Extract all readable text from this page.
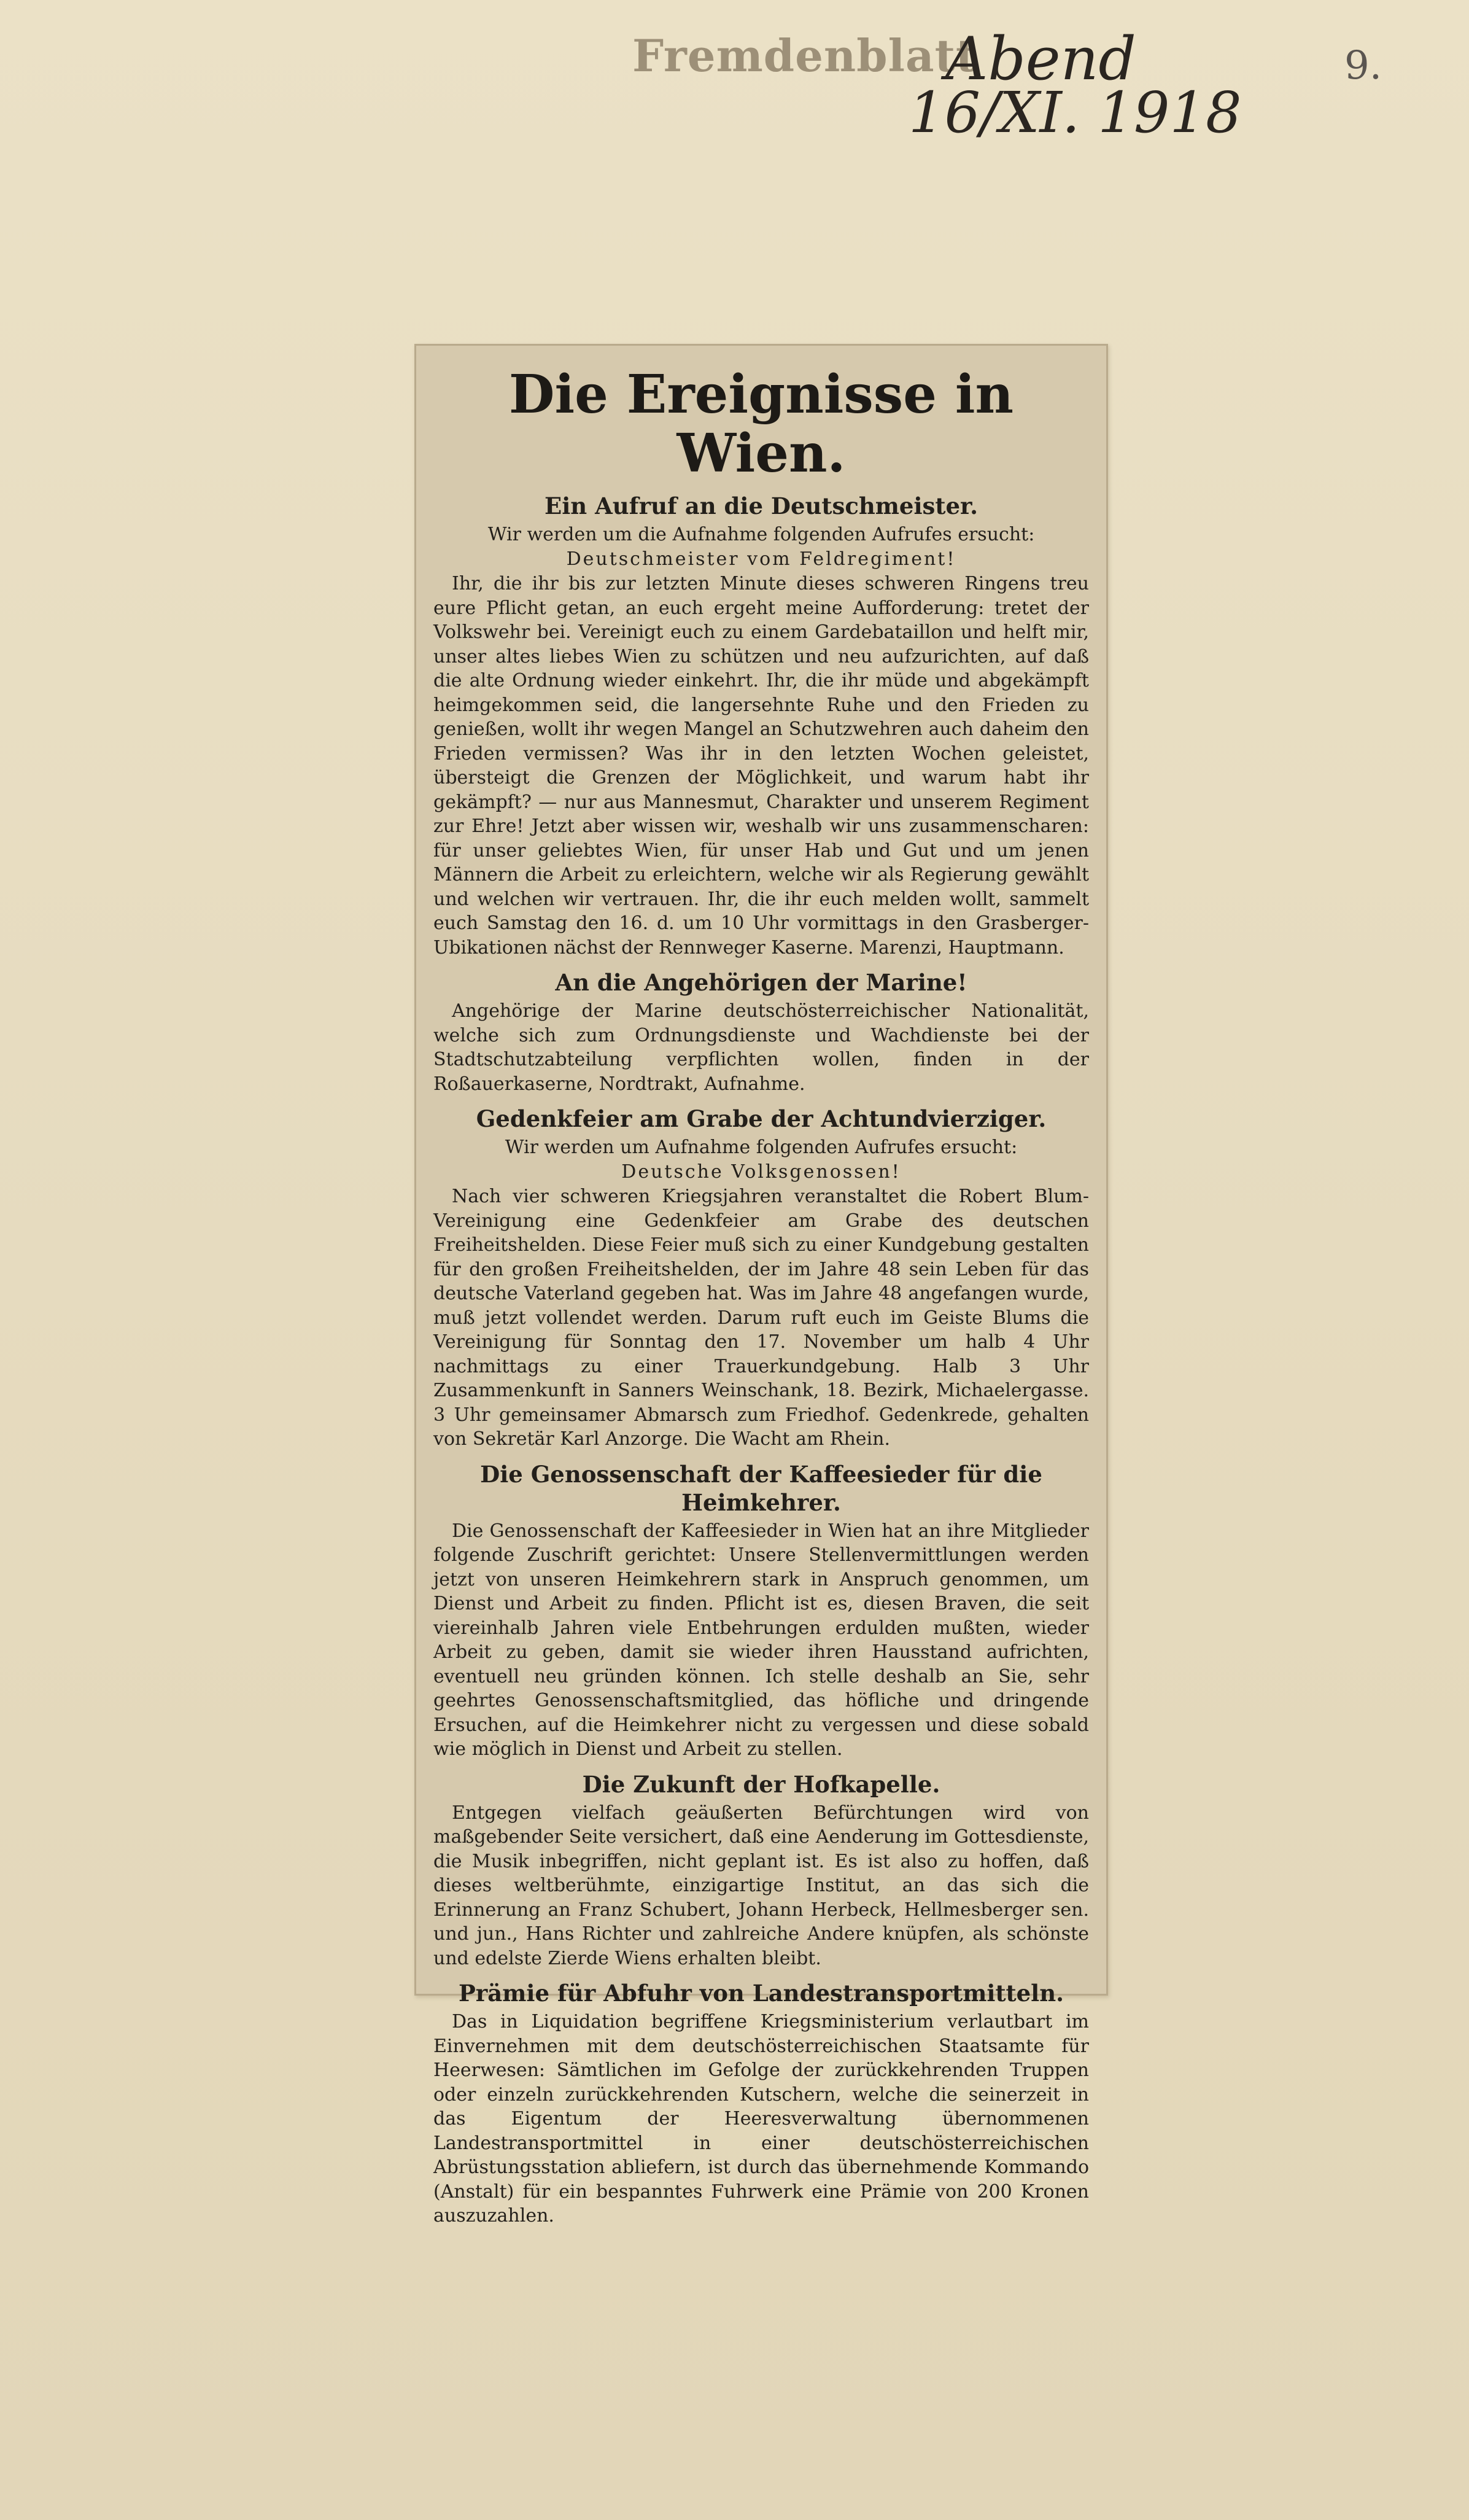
Fremdenblatt
Abend
16/XI. 1918
9.
Die Ereignisse in Wien.
Ein Aufruf an die Deutschmeister.
Wir werden um die Aufnahme folgenden Aufrufes ersucht:
Deutschmeister vom Feldregiment!
Ihr, die ihr bis zur letzten Minute dieses schweren Ringens treu eure Pflicht getan, an euch ergeht meine Aufforderung: tretet der Volkswehr bei. Vereinigt euch zu einem Gardebataillon und helft mir, unser altes liebes Wien zu schützen und neu aufzurichten, auf daß die alte Ordnung wieder einkehrt. Ihr, die ihr müde und abgekämpft heimgekommen seid, die langersehnte Ruhe und den Frieden zu genießen, wollt ihr wegen Mangel an Schutzwehren auch daheim den Frieden vermissen? Was ihr in den letzten Wochen geleistet, übersteigt die Grenzen der Möglichkeit, und warum habt ihr gekämpft? — nur aus Mannesmut, Charakter und unserem Regiment zur Ehre! Jetzt aber wissen wir, weshalb wir uns zusammenscharen: für unser geliebtes Wien, für unser Hab und Gut und um jenen Männern die Arbeit zu erleichtern, welche wir als Regierung gewählt und welchen wir vertrauen. Ihr, die ihr euch melden wollt, sammelt euch Samstag den 16. d. um 10 Uhr vormittags in den Grasberger-Ubikationen nächst der Rennweger Kaserne. Marenzi, Hauptmann.
An die Angehörigen der Marine!
Angehörige der Marine deutschösterreichischer Nationalität, welche sich zum Ordnungsdienste und Wachdienste bei der Stadtschutzabteilung verpflichten wollen, finden in der Roßauerkaserne, Nordtrakt, Aufnahme.
Gedenkfeier am Grabe der Achtundvierziger.
Wir werden um Aufnahme folgenden Aufrufes ersucht:
Deutsche Volksgenossen!
Nach vier schweren Kriegsjahren veranstaltet die Robert Blum-Vereinigung eine Gedenkfeier am Grabe des deutschen Freiheitshelden. Diese Feier muß sich zu einer Kundgebung gestalten für den großen Freiheitshelden, der im Jahre 48 sein Leben für das deutsche Vaterland gegeben hat. Was im Jahre 48 angefangen wurde, muß jetzt vollendet werden. Darum ruft euch im Geiste Blums die Vereinigung für Sonntag den 17. November um halb 4 Uhr nachmittags zu einer Trauerkundgebung. Halb 3 Uhr Zusammenkunft in Sanners Weinschank, 18. Bezirk, Michaelergasse. 3 Uhr gemeinsamer Abmarsch zum Friedhof. Gedenkrede, gehalten von Sekretär Karl Anzorge. Die Wacht am Rhein.
Die Genossenschaft der Kaffeesieder für die Heimkehrer.
Die Genossenschaft der Kaffeesieder in Wien hat an ihre Mitglieder folgende Zuschrift gerichtet: Unsere Stellenvermittlungen werden jetzt von unseren Heimkehrern stark in Anspruch genommen, um Dienst und Arbeit zu finden. Pflicht ist es, diesen Braven, die seit viereinhalb Jahren viele Entbehrungen erdulden mußten, wieder Arbeit zu geben, damit sie wieder ihren Hausstand aufrichten, eventuell neu gründen können. Ich stelle deshalb an Sie, sehr geehrtes Genossenschaftsmitglied, das höfliche und dringende Ersuchen, auf die Heimkehrer nicht zu vergessen und diese sobald wie möglich in Dienst und Arbeit zu stellen.
Die Zukunft der Hofkapelle.
Entgegen vielfach geäußerten Befürchtungen wird von maßgebender Seite versichert, daß eine Aenderung im Gottesdienste, die Musik inbegriffen, nicht geplant ist. Es ist also zu hoffen, daß dieses weltberühmte, einzigartige Institut, an das sich die Erinnerung an Franz Schubert, Johann Herbeck, Hellmesberger sen. und jun., Hans Richter und zahlreiche Andere knüpfen, als schönste und edelste Zierde Wiens erhalten bleibt.
Prämie für Abfuhr von Landestransportmitteln.
Das in Liquidation begriffene Kriegsministerium verlautbart im Einvernehmen mit dem deutschösterreichischen Staatsamte für Heerwesen: Sämtlichen im Gefolge der zurückkehrenden Truppen oder einzeln zurückkehrenden Kutschern, welche die seinerzeit in das Eigentum der Heeresverwaltung übernommenen Landestransportmittel in einer deutschösterreichischen Abrüstungsstation abliefern, ist durch das übernehmende Kommando (Anstalt) für ein bespanntes Fuhrwerk eine Prämie von 200 Kronen auszuzahlen.
